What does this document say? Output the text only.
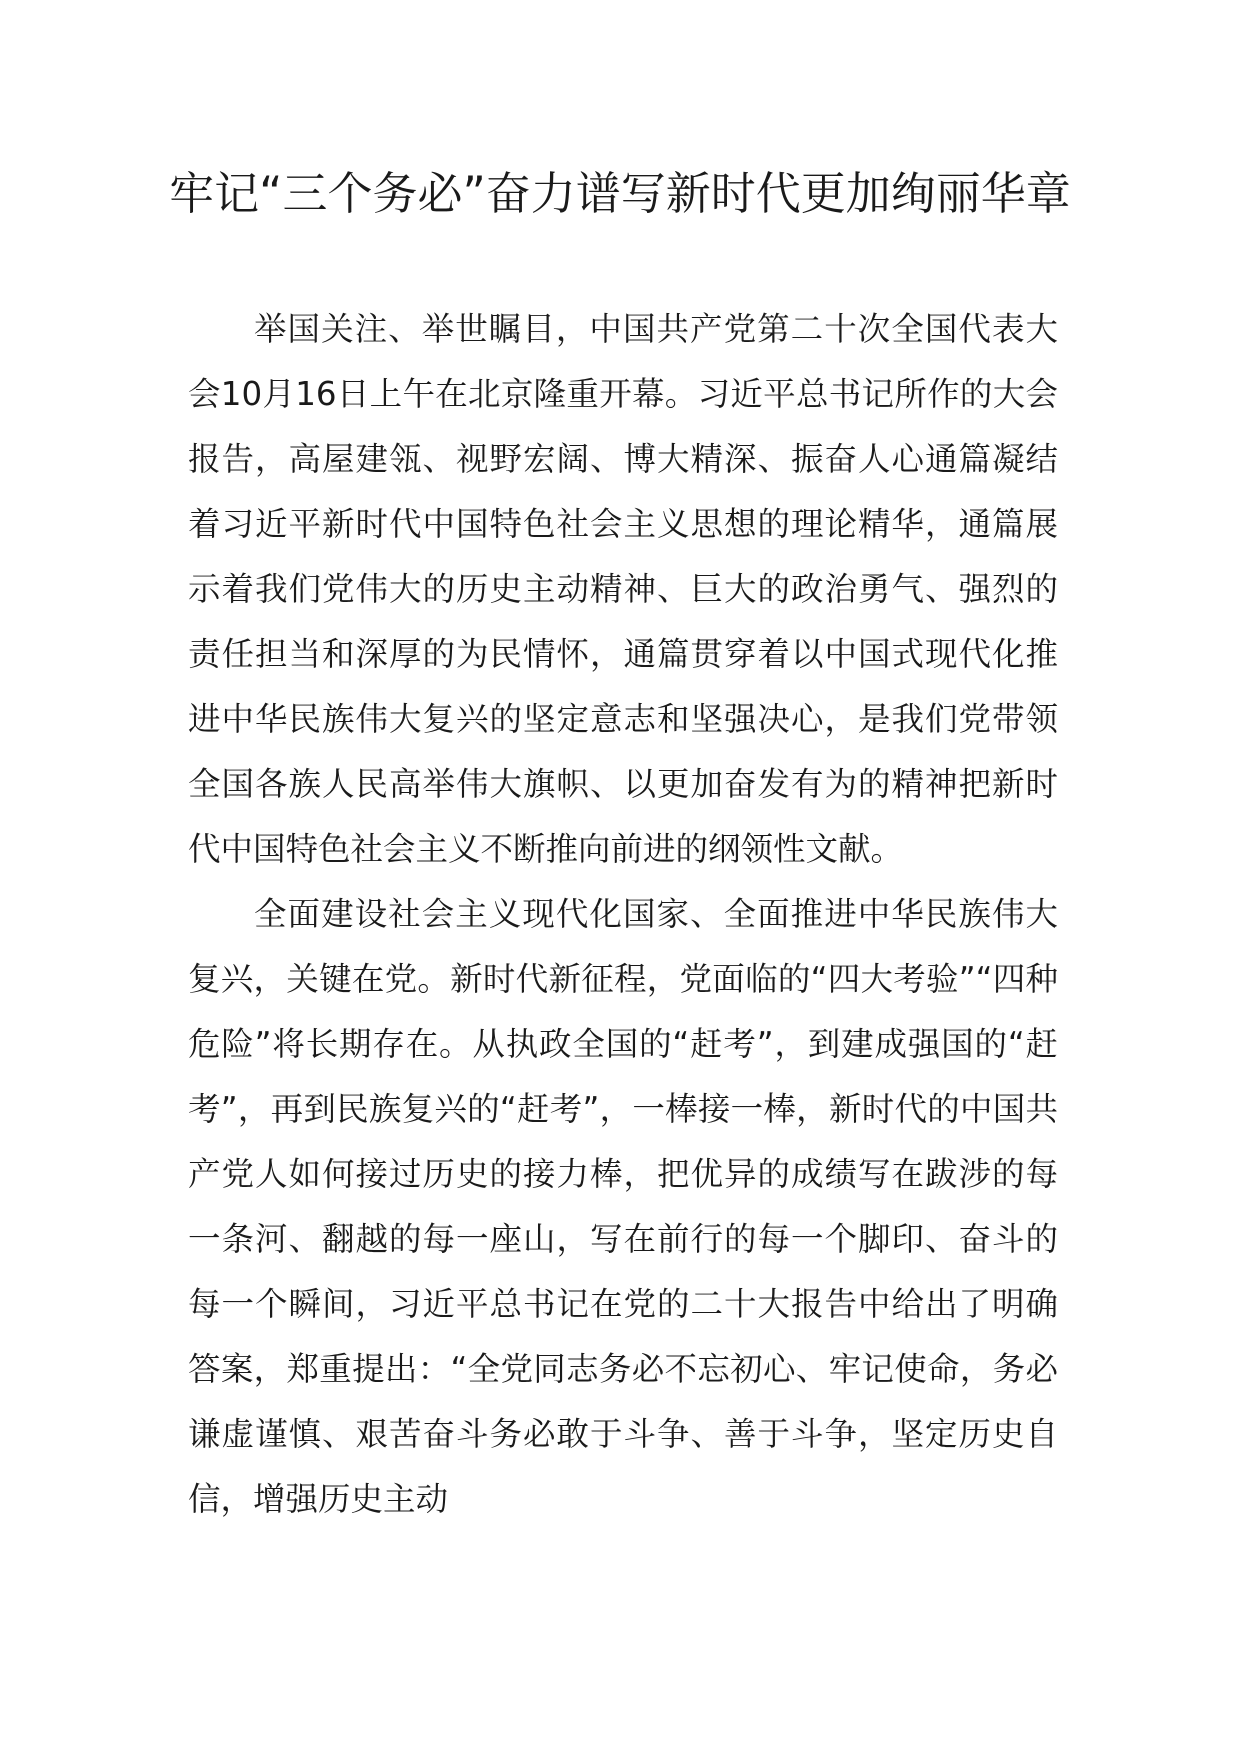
牢记“三个务必”奋力谱写新时代更加绚丽华章

举国关注、举世瞩目，中国共产党第二十次全国代表大会10月16日上午在北京隆重开幕。习近平总书记所作的大会报告，高屋建瓴、视野宏阔、博大精深、振奋人心通篇凝结着习近平新时代中国特色社会主义思想的理论精华，通篇展示着我们党伟大的历史主动精神、巨大的政治勇气、强烈的责任担当和深厚的为民情怀，通篇贯穿着以中国式现代化推进中华民族伟大复兴的坚定意志和坚强决心，是我们党带领全国各族人民高举伟大旗帜、以更加奋发有为的精神把新时代中国特色社会主义不断推向前进的纲领性文献。

全面建设社会主义现代化国家、全面推进中华民族伟大复兴，关键在党。新时代新征程，党面临的“四大考验”“四种危险”将长期存在。从执政全国的“赶考”，到建成强国的“赶考”，再到民族复兴的“赶考”，一棒接一棒，新时代的中国共产党人如何接过历史的接力棒，把优异的成绩写在跋涉的每一条河、翻越的每一座山，写在前行的每一个脚印、奋斗的每一个瞬间，习近平总书记在党的二十大报告中给出了明确答案，郑重提出：“全党同志务必不忘初心、牢记使命，务必谦虚谨慎、艰苦奋斗务必敢于斗争、善于斗争，坚定历史自信，增强历史主动
